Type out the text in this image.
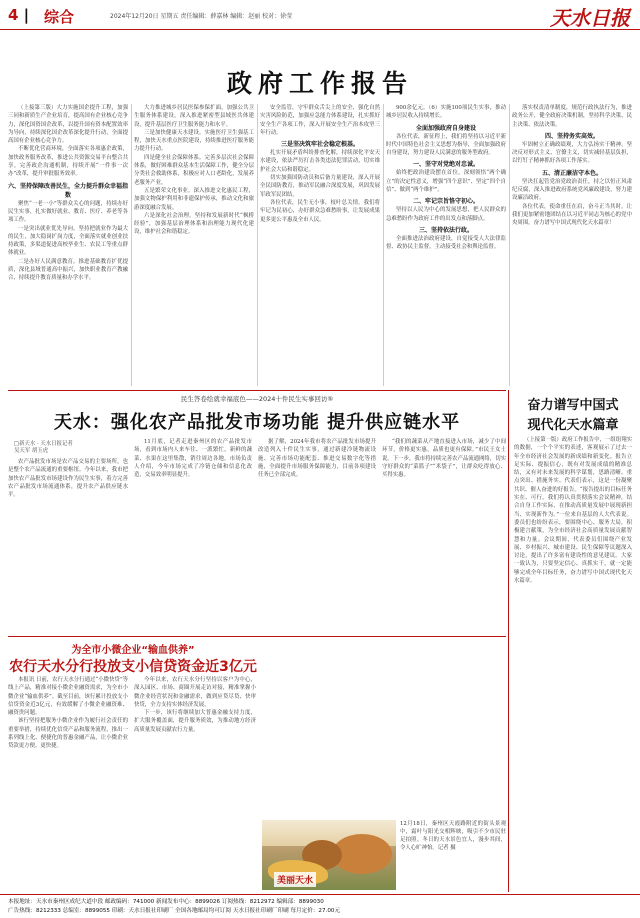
4 | 综合	2024年12月20日 星期五 责任编辑：薛嘉林 编辑：赵丽 校对：徐莹	天水日报
政府工作报告

（上接第三版）大力实施国企提升工程，加强三同和新质生产企业培育，提高国有企业核心竞争力，深化国资国企改革，以提升国有资本配置效率为导向，持续深化国企改革深化提升行动，全面提高国有企业核心竞争力。

不断优化营商环境，全面落实各项惠企政策，加快政务服务改革，推进公共资源交易平台整合共享。完善政企沟通机制，持续开展“一件事一次办”改革，提升审批服务效率。

六、坚持保障改善民生，全力提升群众幸福指数

聚焦“一老一小”等群众关心的问题，持续办好民生实事，扎实做好就业、教育、医疗、养老等各项工作。

一是突出就业优先导向。坚持把就业作为最大的民生，加大稳岗扩岗力度，全面落实就业创业扶持政策，多渠道促进高校毕业生、农民工等重点群体就业。

二是办好人民满意教育。推进基础教育扩优提质，深化县域普通高中振兴，加快职业教育产教融合，持续提升教育质量和办学水平。

大力推进城乡居民医保参保扩面，加强公共卫生服务体系建设，深入推进紧密型县域医共体建设，提升基层医疗卫生服务能力和水平。

三是加快健康天水建设。实施医疗卫生强基工程，加快天水重点医院建设，持续推进医疗服务能力提升行动。

四是健全社会保障体系。完善多层次社会保障体系，做好困难群众基本生活保障工作，健全分层分类社会救助体系，积极应对人口老龄化，发展养老服务产业。

五是繁荣文化事业。深入推进文化惠民工程，加强文物保护利用和非遗保护传承，推动文化和旅游深度融合发展。

六是深化社会治理。坚持和发展新时代“枫桥经验”，加强基层治理体系和治理能力现代化建设，维护社会和谐稳定。

安全监管，守牢群众舌尖上的安全，强化自然灾害风险防范，加强应急能力体系建设，扎实抓好安全生产各项工作，深入开展安全生产治本攻坚三年行动。

三是坚决筑牢社会稳定根基。

扎实开展矛盾纠纷排查化解，持续深化平安天水建设，依法严厉打击各类违法犯罪活动，切实维护社会大局和谐稳定。

切实加强国防动员和后备力量建设，深入开展全民国防教育，推动军民融合深度发展，巩固发展军政军民团结。

各位代表，民生无小事，枝叶总关情。我们将牢记为民初心，办好群众急难愁盼事，让发展成果更多更公平惠及全市人民。

900余亿元。（6）实施100项民生实事，推动城乡居民收入持续增长。

全面加强政府自身建设

各位代表，新征程上，我们将坚持以习近平新时代中国特色社会主义思想为指导，全面加强政府自身建设，努力建设人民满意的服务型政府。

一、坚守对党绝对忠诚。

始终把政治建设摆在首位，深刻领悟“两个确立”的决定性意义，增强“四个意识”、坚定“四个自信”、做到“两个维护”。

二、牢记宗旨恪守初心。

坚持以人民为中心的发展思想，把人民群众的急难愁盼作为政府工作的出发点和落脚点。

三、坚持依法行政。

全面推进法治政府建设，自觉接受人大法律监督、政协民主监督，主动接受社会和舆论监督。

落实权责清单制度，规范行政执法行为，推进政务公开，健全政府决策机制，坚持科学决策、民主决策、依法决策。

四、坚持务实高效。

牢固树立正确政绩观，大力弘扬实干精神，坚决反对形式主义、官僚主义，切实减轻基层负担，以钉钉子精神抓好各项工作落实。

五、清正廉洁守本色。

坚决扛起管党治党政治责任，持之以恒正风肃纪反腐，深入推进政府系统党风廉政建设，努力建设廉洁政府。

各位代表，使命重任在肩，奋斗正当其时。让我们更加紧密地团结在以习近平同志为核心的党中央周围，奋力谱写中国式现代化天水篇章！

民生答卷绘就幸福底色——2024十件民生实事回访⑤
天水：强化农产品批发市场功能 提升供应链水平
□新天水 · 天水日报记者
吴天军 胡玉虎

农产品批发市场是农产品交易的主要场所，也是整个农产品流通的重要枢纽。今年以来，我市把加快农产品批发市场建设作为民生实事，着力完善农产品批发市场流通体系，提升农产品供应链水平。

11月底，记者走进秦州区的农产品批发市场，看到市场内人来车往、一派繁忙，新鲜的蔬菜、水果在这里集散，销往周边各地。市场负责人介绍，今年市场完成了冷链仓储和信息化改造，交易效率明显提升。

据了解，2024年我市将农产品批发市场提升改造列入十件民生实事，通过新建冷链物流设施、完善市场功能配套、推进交易数字化等措施，全面提升市场服务保障能力，目前各项建设任务已全部完成。

“我们的蔬菜从产地直接进入市场，减少了中间环节，价格更实惠，品质也更有保障。”市民王女士说。下一步，我市将持续完善农产品流通网络，切实守好群众的“菜篮子”“米袋子”，让群众吃得放心、买得实惠。

奋力谱写中国式
现代化天水篇章

（上接第一版）政府工作报告中，一组组翔实的数据，一个个平实的表述，客观展示了过去一年全市经济社会发展的新成绩和新变化。报告立足实际、提振信心，既有对发展成绩的精准总结，又有对未来发展的科学谋划，思路清晰、重点突出、措施务实。代表们表示，这是一份凝聚共识、催人奋进的好报告。“报告提出的目标任务实在、可行，我们将认真贯彻落实会议精神，结合自身工作实际，在推动高质量发展中展现新担当、实现新作为。”一位来自基层的人大代表说。委员们也纷纷表示，要围绕中心、服务大局，积极建言献策，为全市经济社会高质量发展贡献智慧和力量。会议期间，代表委员们围绕产业发展、乡村振兴、城市建设、民生保障等议题深入讨论，提出了许多富有建设性的意见建议。大家一致认为，只要坚定信心、真抓实干，就一定能够完成全年目标任务，奋力谱写中国式现代化天水篇章。

为全市小微企业“输血供养”
农行天水分行投放支小信贷资金近3亿元

本报讯 日前，农行天水分行通过“小微快贷”等线上产品，精准对接小微企业融资需求，为全市小微企业“输血供养”。截至目前，该行累计投放支小信贷资金近3亿元，有效缓解了小微企业融资难、融资贵问题。

该行坚持把服务小微企业作为履行社会责任的重要举措，持续优化信贷产品和服务流程，推出一系列线上化、便捷化的普惠金融产品，让小微企业贷款更方便、更快捷。

今年以来，农行天水分行坚持以客户为中心，深入园区、市场、商圈开展走访对接，精准掌握小微企业经营状况和金融需求，做到应贷尽贷、快审快贷，全力支持实体经济发展。

下一步，该行将继续加大普惠金融支持力度，扩大服务覆盖面，提升服务质效，为推动地方经济高质量发展贡献农行力量。

美丽天水
12月18日，秦州区天霞路附近的街头景观中，霜叶与阳光交相辉映，吸引不少市民驻足拍照。冬日的天水景色宜人，漫步其间，令人心旷神怡。记者 摄
本报地址：天水市秦州区成纪大道中段 邮政编码：741000 新闻发布中心：8899026 订阅热线：8212972 编辑部：8899030
广告热线：8212333 总编室：8899055 印刷：天水日报社印刷厂 全国各地邮局均可订阅 天水日报社印刷厂印刷 每月定价：27.00元
